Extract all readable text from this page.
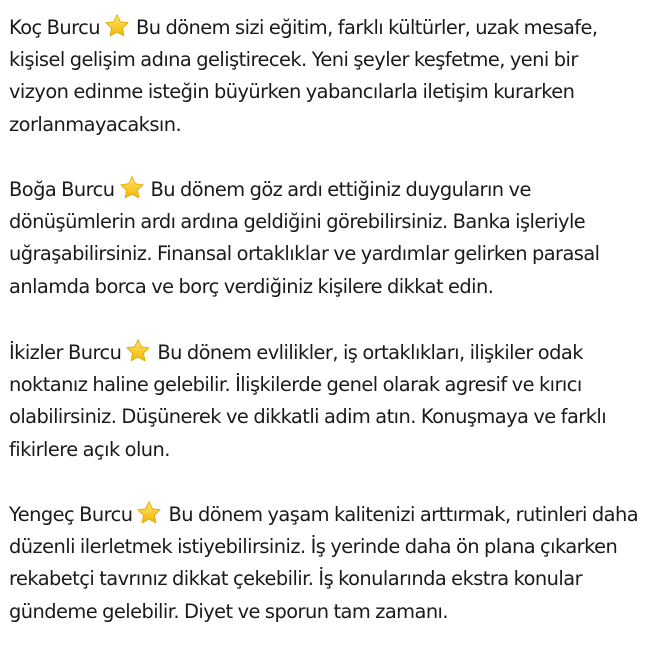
Koç Burcu Bu dönem sizi eğitim, farklı kültürler, uzak mesafe, kişisel gelişim adına geliştirecek. Yeni şeyler keşfetme, yeni bir vizyon edinme isteğin büyürken yabancılarla iletişim kurarken zorlanmayacaksın.
Boğa Burcu Bu dönem göz ardı ettiğiniz duyguların ve dönüşümlerin ardı ardına geldiğini görebilirsiniz. Banka işleriyle uğraşabilirsiniz. Finansal ortaklıklar ve yardımlar gelirken parasal anlamda borca ve borç verdiğiniz kişilere dikkat edin.
İkizler Burcu Bu dönem evlilikler, iş ortaklıkları, ilişkiler odak noktanız haline gelebilir. İlişkilerde genel olarak agresif ve kırıcı olabilirsiniz. Düşünerek ve dikkatli adim atın. Konuşmaya ve farklı fikirlere açık olun.
Yengeç Burcu Bu dönem yaşam kalitenizi arttırmak, rutinleri daha düzenli ilerletmek istiyebilirsiniz. İş yerinde daha ön plana çıkarken rekabetçi tavrınız dikkat çekebilir. İş konularında ekstra konular gündeme gelebilir. Diyet ve sporun tam zamanı.
